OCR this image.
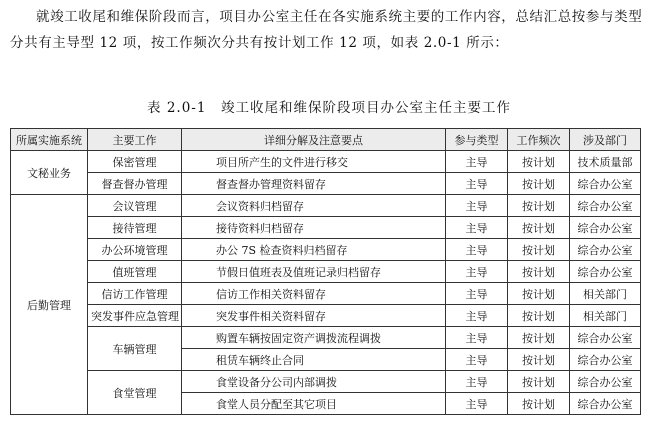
就竣工收尾和维保阶段而言，项目办公室主任在各实施系统主要的工作内容，总结汇总按参与类型分共有主导型 12 项，按工作频次分共有按计划工作 12 项，如表 2.0-1 所示：

表 2.0-1　竣工收尾和维保阶段项目办公室主任主要工作

所属实施系统	主要工作	详细分解及注意要点	参与类型	工作频次	涉及部门
文秘业务	保密管理	项目所产生的文件进行移交	主导	按计划	技术质量部
	督查督办管理	督查督办管理资料留存	主导	按计划	综合办公室
后勤管理	会议管理	会议资料归档留存	主导	按计划	综合办公室
	接待管理	接待资料归档留存	主导	按计划	综合办公室
	办公环境管理	办公 7S 检查资料归档留存	主导	按计划	综合办公室
	值班管理	节假日值班表及值班记录归档留存	主导	按计划	综合办公室
	信访工作管理	信访工作相关资料留存	主导	按计划	相关部门
	突发事件应急管理	突发事件相关资料留存	主导	按计划	相关部门
	车辆管理	购置车辆按固定资产调拨流程调拨	主导	按计划	综合办公室
		租赁车辆终止合同	主导	按计划	综合办公室
	食堂管理	食堂设备分公司内部调拨	主导	按计划	综合办公室
		食堂人员分配至其它项目	主导	按计划	综合办公室
